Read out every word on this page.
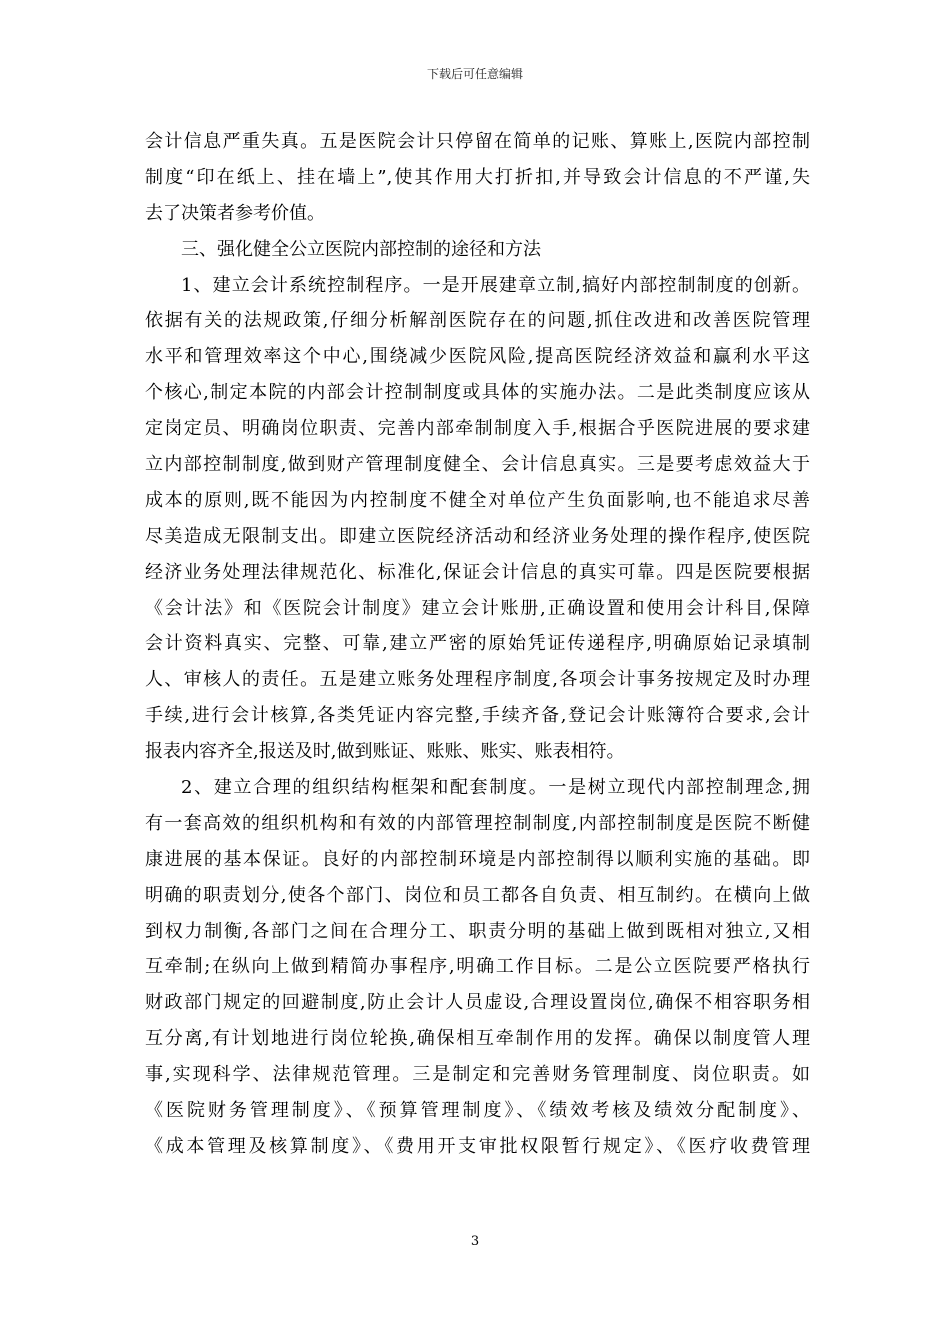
下载后可任意编辑
会计信息严重失真。五是医院会计只停留在简单的记账、算账上,医院内部控制
制度“印在纸上、挂在墙上”,使其作用大打折扣,并导致会计信息的不严谨,失
去了决策者参考价值。
三、强化健全公立医院内部控制的途径和方法
1、建立会计系统控制程序。一是开展建章立制,搞好内部控制制度的创新。
依据有关的法规政策,仔细分析解剖医院存在的问题,抓住改进和改善医院管理
水平和管理效率这个中心,围绕减少医院风险,提高医院经济效益和赢利水平这
个核心,制定本院的内部会计控制制度或具体的实施办法。二是此类制度应该从
定岗定员、明确岗位职责、完善内部牵制制度入手,根据合乎医院进展的要求建
立内部控制制度,做到财产管理制度健全、会计信息真实。三是要考虑效益大于
成本的原则,既不能因为内控制度不健全对单位产生负面影响,也不能追求尽善
尽美造成无限制支出。即建立医院经济活动和经济业务处理的操作程序,使医院
经济业务处理法律规范化、标准化,保证会计信息的真实可靠。四是医院要根据
《会计法》和《医院会计制度》建立会计账册,正确设置和使用会计科目,保障
会计资料真实、完整、可靠,建立严密的原始凭证传递程序,明确原始记录填制
人、审核人的责任。五是建立账务处理程序制度,各项会计事务按规定及时办理
手续,进行会计核算,各类凭证内容完整,手续齐备,登记会计账簿符合要求,会计
报表内容齐全,报送及时,做到账证、账账、账实、账表相符。
2、建立合理的组织结构框架和配套制度。一是树立现代内部控制理念,拥
有一套高效的组织机构和有效的内部管理控制制度,内部控制制度是医院不断健
康进展的基本保证。良好的内部控制环境是内部控制得以顺利实施的基础。即
明确的职责划分,使各个部门、岗位和员工都各自负责、相互制约。在横向上做
到权力制衡,各部门之间在合理分工、职责分明的基础上做到既相对独立,又相
互牵制;在纵向上做到精简办事程序,明确工作目标。二是公立医院要严格执行
财政部门规定的回避制度,防止会计人员虚设,合理设置岗位,确保不相容职务相
互分离,有计划地进行岗位轮换,确保相互牵制作用的发挥。确保以制度管人理
事,实现科学、法律规范管理。三是制定和完善财务管理制度、岗位职责。如
《医院财务管理制度》、《预算管理制度》、《绩效考核及绩效分配制度》、
《成本管理及核算制度》、《费用开支审批权限暂行规定》、《医疗收费管理
3
